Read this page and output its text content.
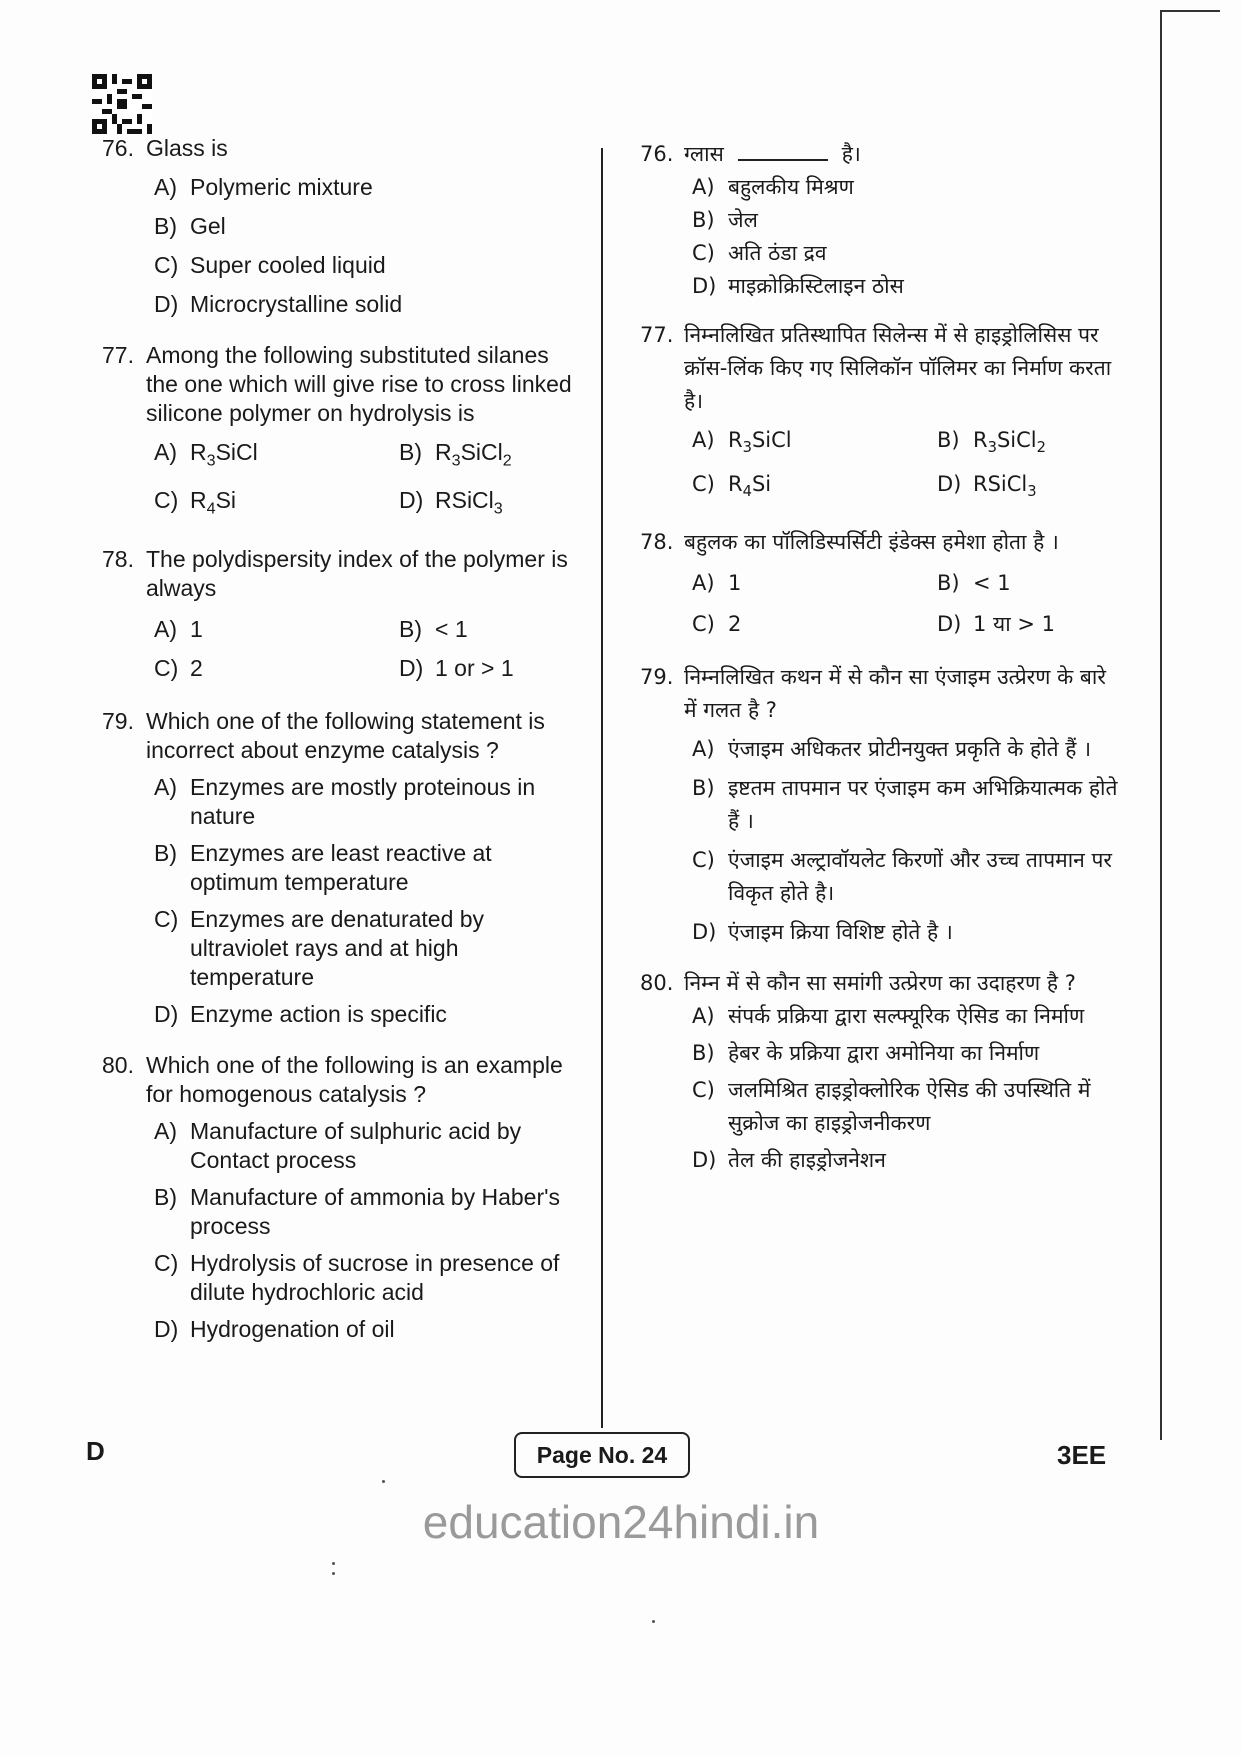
76. Glass is
A) Polymeric mixture
B) Gel
C) Super cooled liquid
D) Microcrystalline solid
77. Among the following substituted silanes the one which will give rise to cross linked silicone polymer on hydrolysis is
A) $R_3SiCl$	B) $R_3SiCl_2$
C) $R_4Si$	D) RSiCl$_3$
78. The polydispersity index of the polymer is always
A) 1	B) < 1
C) 2	D) 1 or > 1
79. Which one of the following statement is incorrect about enzyme catalysis ?
A) Enzymes are mostly proteinous in nature
B) Enzymes are least reactive at optimum temperature
C) Enzymes are denaturated by ultraviolet rays and at high temperature
D) Enzyme action is specific
80. Which one of the following is an example for homogenous catalysis ?
A) Manufacture of sulphuric acid by Contact process
B) Manufacture of ammonia by Haber's process
C) Hydrolysis of sucrose in presence of dilute hydrochloric acid
D) Hydrogenation of oil
76. ग्लास	है।
A) बहुलकीय मिश्रण
B) जेल
C) अति ठंडा द्रव
D) माइक्रोक्रिस्टिलाइन ठोस
77. निम्नलिखित प्रतिस्थापित सिलेन्स में से हाइड्रोलिसिस पर क्रॉस-लिंक किए गए सिलिकॉन पॉलिमर का निर्माण करता है।
A) $R_3SiCl$	B) $R_3SiCl_2$
C) $R_4Si$	D) RSiCl$_3$
78. बहुलक का पॉलिडिस्पर्सिटी इंडेक्स हमेशा होता है ।
A) 1	B) < 1
C) 2	D) 1 या > 1
79. निम्नलिखित कथन में से कौन सा एंजाइम उत्प्रेरण के बारे में गलत है ?
A) एंजाइम अधिकतर प्रोटीनयुक्त प्रकृति के होते हैं ।
B) इष्टतम तापमान पर एंजाइम कम अभिक्रियात्मक होते हैं ।
C) एंजाइम अल्ट्रावॉयलेट किरणों और उच्च तापमान पर विकृत होते है।
D) एंजाइम क्रिया विशिष्ट होते है ।
80. निम्न में से कौन सा समांगी उत्प्रेरण का उदाहरण है ?
A) संपर्क प्रक्रिया द्वारा सल्फ्यूरिक ऐसिड का निर्माण
B) हेबर के प्रक्रिया द्वारा अमोनिया का निर्माण
C) जलमिश्रित हाइड्रोक्लोरिक ऐसिड की उपस्थिति में सुक्रोज का हाइड्रोजनीकरण
D) तेल की हाइड्रोजनेशन
D	Page No. 24	3EE
education24hindi.in
